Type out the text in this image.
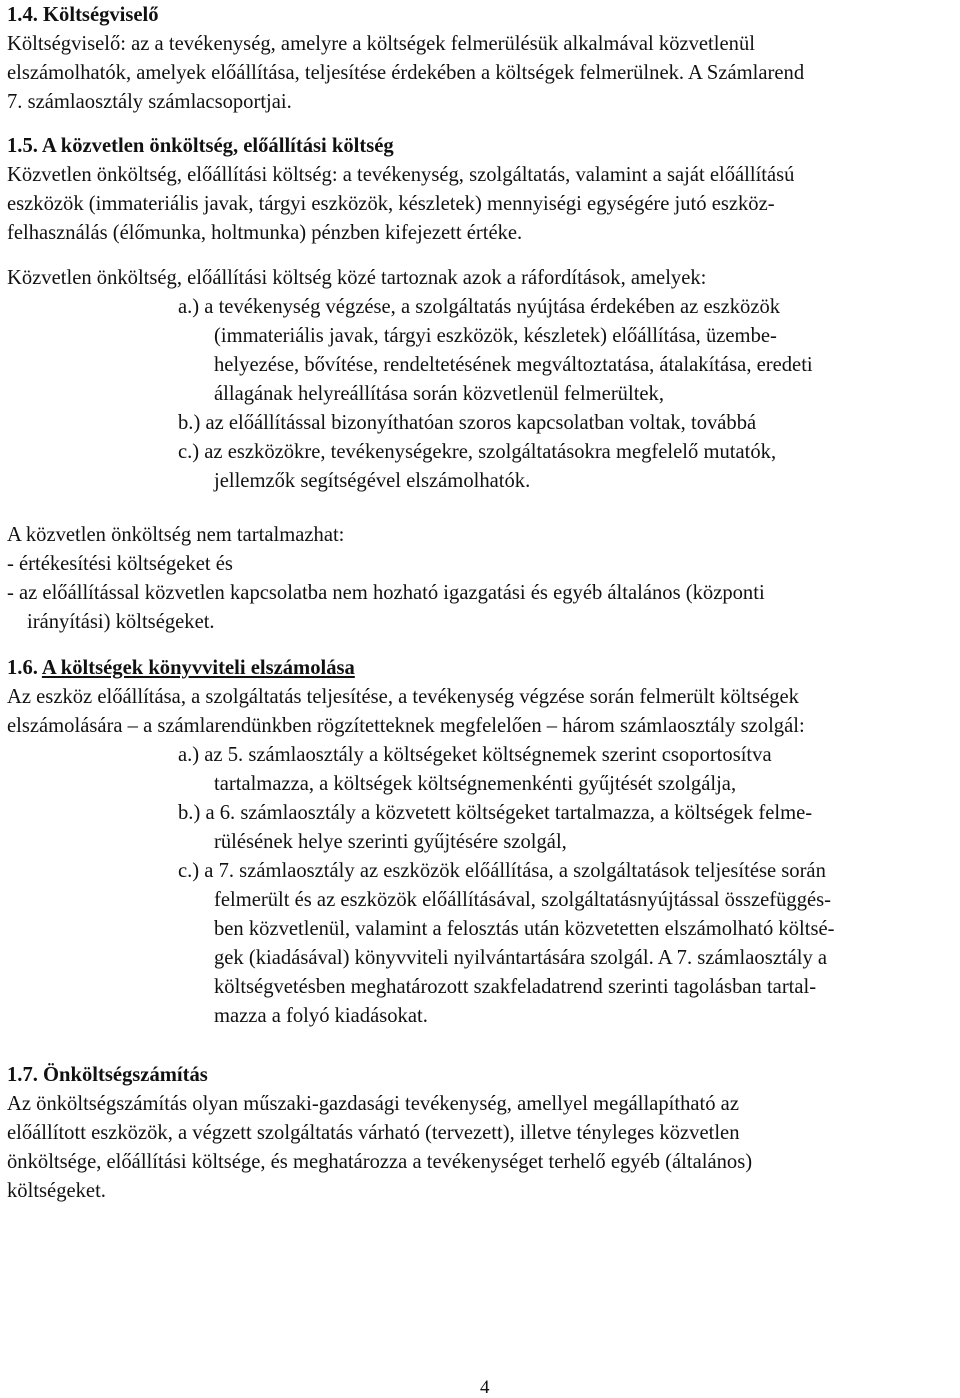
1.4. Költségviselő
Költségviselő: az a tevékenység, amelyre a költségek felmerülésük alkalmával közvetlenül
elszámolhatók, amelyek előállítása, teljesítése érdekében a költségek felmerülnek. A Számlarend
7. számlaosztály számlacsoportjai.
1.5. A közvetlen önköltség, előállítási költség
Közvetlen önköltség, előállítási költség: a tevékenység, szolgáltatás, valamint a saját előállítású
eszközök (immateriális javak, tárgyi eszközök, készletek) mennyiségi egységére jutó eszköz-
felhasználás (élőmunka, holtmunka) pénzben kifejezett értéke.
Közvetlen önköltség, előállítási költség közé tartoznak azok a ráfordítások, amelyek:
a.) a tevékenység végzése, a szolgáltatás nyújtása érdekében az eszközök
(immateriális javak, tárgyi eszközök, készletek) előállítása, üzembe-
helyezése, bővítése, rendeltetésének megváltoztatása, átalakítása, eredeti
állagának helyreállítása során közvetlenül felmerültek,
b.) az előállítással bizonyíthatóan szoros kapcsolatban voltak, továbbá
c.) az eszközökre, tevékenységekre, szolgáltatásokra megfelelő mutatók,
jellemzők segítségével elszámolhatók.
A közvetlen önköltség nem tartalmazhat:
- értékesítési költségeket és
- az előállítással közvetlen kapcsolatba nem hozható igazgatási és egyéb általános (központi
irányítási) költségeket.
1.6. A költségek könyvviteli elszámolása
Az eszköz előállítása, a szolgáltatás teljesítése, a tevékenység végzése során felmerült költségek
elszámolására – a számlarendünkben rögzítetteknek megfelelően – három számlaosztály szolgál:
a.) az 5. számlaosztály a költségeket költségnemek szerint csoportosítva
tartalmazza, a költségek költségnemenkénti gyűjtését szolgálja,
b.) a 6. számlaosztály a közvetett költségeket tartalmazza, a költségek felme-
rülésének helye szerinti gyűjtésére szolgál,
c.) a 7. számlaosztály az eszközök előállítása, a szolgáltatások teljesítése során
felmerült és az eszközök előállításával, szolgáltatásnyújtással összefüggés-
ben közvetlenül, valamint a felosztás után közvetetten elszámolható költsé-
gek (kiadásával) könyvviteli nyilvántartására szolgál. A 7. számlaosztály a
költségvetésben meghatározott szakfeladatrend szerinti tagolásban tartal-
mazza a folyó kiadásokat.
1.7. Önköltségszámítás
Az önköltségszámítás olyan műszaki-gazdasági tevékenység, amellyel megállapítható az
előállított eszközök, a végzett szolgáltatás várható (tervezett), illetve tényleges közvetlen
önköltsége, előállítási költsége, és meghatározza a tevékenységet terhelő egyéb (általános)
költségeket.
4
